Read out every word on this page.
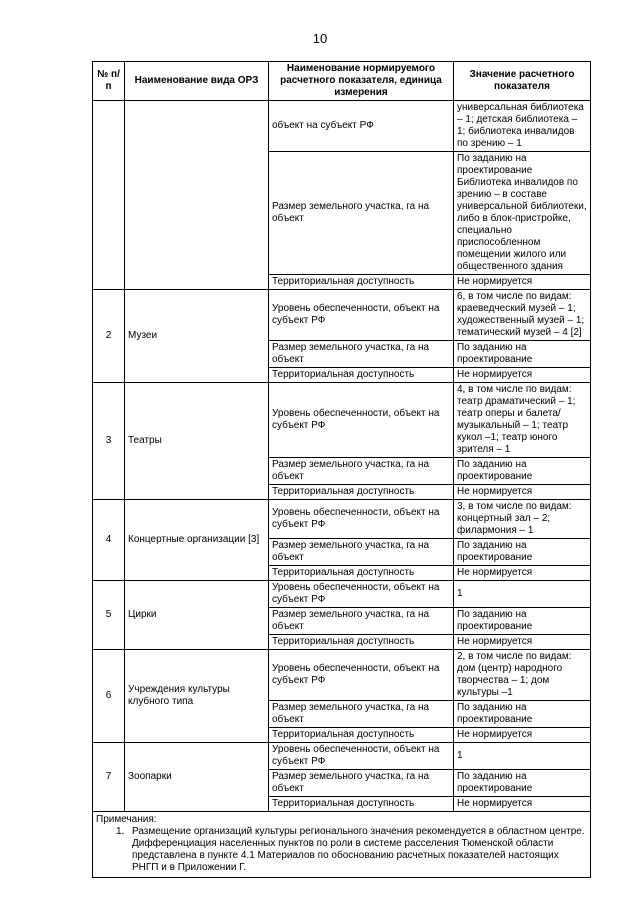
10
№ п/п	Наименование вида ОРЗ	Наименование нормируемого расчетного показателя, единица измерения	Значение расчетного показателя
		объект на субъект РФ	универсальная библиотека – 1; детская библиотека – 1; библиотека инвалидов по зрению – 1
		Размер земельного участка, га на объект	По заданию на проектирование Библиотека инвалидов по зрению – в составе универсальной библиотеки, либо в блок-пристройке, специально приспособленном помещении жилого или общественного здания
		Территориальная доступность	Не нормируется
2	Музеи	Уровень обеспеченности, объект на субъект РФ	6, в том числе по видам: краеведческий музей – 1; художественный музей – 1; тематический музей – 4 [2]
		Размер земельного участка, га на объект	По заданию на проектирование
		Территориальная доступность	Не нормируется
3	Театры	Уровень обеспеченности, объект на субъект РФ	4, в том числе по видам: театр драматический – 1; театр оперы и балета/музыкальный – 1; театр кукол –1; театр юного зрителя – 1
		Размер земельного участка, га на объект	По заданию на проектирование
		Территориальная доступность	Не нормируется
4	Концертные организации [3]	Уровень обеспеченности, объект на субъект РФ	3, в том числе по видам: концертный зал – 2; филармония – 1
		Размер земельного участка, га на объект	По заданию на проектирование
		Территориальная доступность	Не нормируется
5	Цирки	Уровень обеспеченности, объект на субъект РФ	1
		Размер земельного участка, га на объект	По заданию на проектирование
		Территориальная доступность	Не нормируется
6	Учреждения культуры клубного типа	Уровень обеспеченности, объект на субъект РФ	2, в том числе по видам: дом (центр) народного творчества – 1; дом культуры –1
		Размер земельного участка, га на объект	По заданию на проектирование
		Территориальная доступность	Не нормируется
7	Зоопарки	Уровень обеспеченности, объект на субъект РФ	1
		Размер земельного участка, га на объект	По заданию на проектирование
		Территориальная доступность	Не нормируется

Примечания:
1. Размещение организаций культуры регионального значения рекомендуется в областном центре. Дифференциация населенных пунктов по роли в системе расселения Тюменской области представлена в пункте 4.1 Материалов по обоснованию расчетных показателей настоящих РНГП и в Приложении Г.			
